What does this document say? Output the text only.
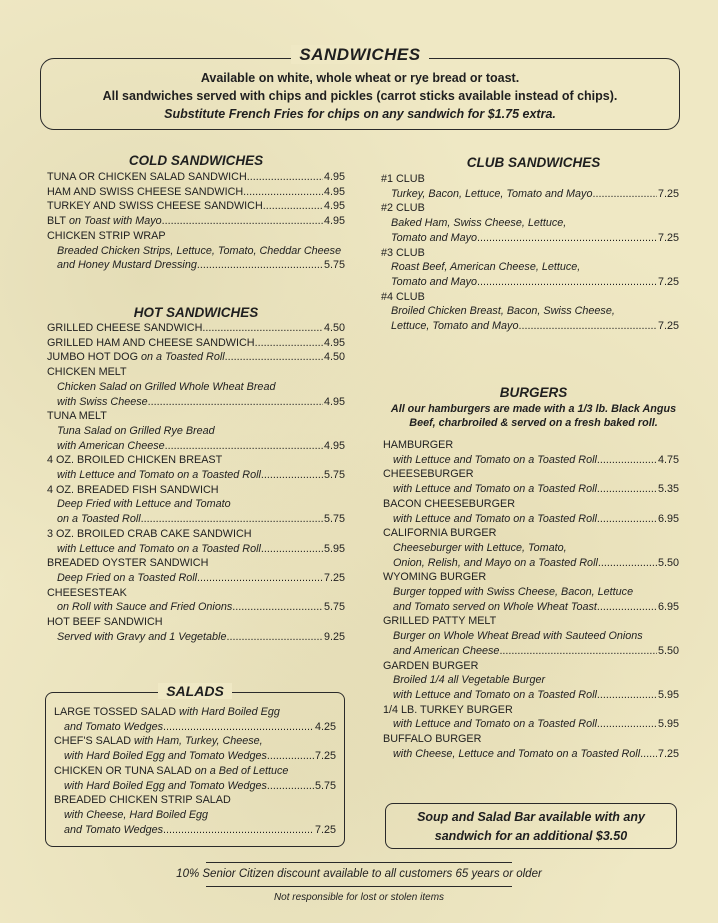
SANDWICHES
Available on white, whole wheat or rye bread or toast.
All sandwiches served with chips and pickles (carrot sticks available instead of chips).
Substitute French Fries for chips on any sandwich for $1.75 extra.
COLD SANDWICHES
HOT SANDWICHES
CLUB SANDWICHES
BURGERS
TUNA OR CHICKEN SALAD SANDWICH .....	4.95
HAM AND SWISS CHEESE SANDWICH .....	4.95
TURKEY AND SWISS CHEESE SANDWICH .....	4.95
BLT on Toast with Mayo .....	4.95
CHICKEN STRIP WRAP
Breaded Chicken Strips, Lettuce, Tomato, Cheddar Cheese
and Honey Mustard Dressing .....	5.75
GRILLED CHEESE SANDWICH .....	4.50
GRILLED HAM AND CHEESE SANDWICH .....	4.95
JUMBO HOT DOG on a Toasted Roll .....	4.50
CHICKEN MELT
Chicken Salad on Grilled Whole Wheat Bread
with Swiss Cheese .....	4.95
TUNA MELT
Tuna Salad on Grilled Rye Bread
with American Cheese .....	4.95
4 OZ. BROILED CHICKEN BREAST
with Lettuce and Tomato on a Toasted Roll .....	5.75
4 OZ. BREADED FISH SANDWICH
Deep Fried with Lettuce and Tomato
on a Toasted Roll .....	5.75
3 OZ. BROILED CRAB CAKE SANDWICH
with Lettuce and Tomato on a Toasted Roll .....	5.95
BREADED OYSTER SANDWICH
Deep Fried on a Toasted Roll .....	7.25
CHEESESTEAK
on Roll with Sauce and Fried Onions .....	5.75
HOT BEEF SANDWICH
Served with Gravy and 1 Vegetable .....	9.25
#1 CLUB
Turkey, Bacon, Lettuce, Tomato and Mayo .....	7.25
#2 CLUB
Baked Ham, Swiss Cheese, Lettuce,
Tomato and Mayo .....	7.25
#3 CLUB
Roast Beef, American Cheese, Lettuce,
Tomato and Mayo .....	7.25
#4 CLUB
Broiled Chicken Breast, Bacon, Swiss Cheese,
Lettuce, Tomato and Mayo .....	7.25
All our hamburgers are made with a 1/3 lb. Black Angus
Beef, charbroiled & served on a fresh baked roll.
HAMBURGER
with Lettuce and Tomato on a Toasted Roll .....	4.75
CHEESEBURGER
with Lettuce and Tomato on a Toasted Roll .....	5.35
BACON CHEESEBURGER
with Lettuce and Tomato on a Toasted Roll .....	6.95
CALIFORNIA BURGER
Cheeseburger with Lettuce, Tomato,
Onion, Relish, and Mayo on a Toasted Roll .....	5.50
WYOMING BURGER
Burger topped with Swiss Cheese, Bacon, Lettuce
and Tomato served on Whole Wheat Toast .....	6.95
GRILLED PATTY MELT
Burger on Whole Wheat Bread with Sauteed Onions
and American Cheese .....	5.50
GARDEN BURGER
Broiled 1/4 all Vegetable Burger
with Lettuce and Tomato on a Toasted Roll .....	5.95
1/4 LB. TURKEY BURGER
with Lettuce and Tomato on a Toasted Roll .....	5.95
BUFFALO BURGER
with Cheese, Lettuce and Tomato on a Toasted Roll ..... 7.25
SALADS
LARGE TOSSED SALAD with Hard Boiled Egg
and Tomato Wedges .....	4.25
CHEF'S SALAD with Ham, Turkey, Cheese,
with Hard Boiled Egg and Tomato Wedges .....	7.25
CHICKEN OR TUNA SALAD on a Bed of Lettuce
with Hard Boiled Egg and Tomato Wedges .....	5.75
BREADED CHICKEN STRIP SALAD
with Cheese, Hard Boiled Egg
and Tomato Wedges .....	7.25
Soup and Salad Bar available with any
sandwich for an additional $3.50
10% Senior Citizen discount available to all customers 65 years or older
Not responsible for lost or stolen items
